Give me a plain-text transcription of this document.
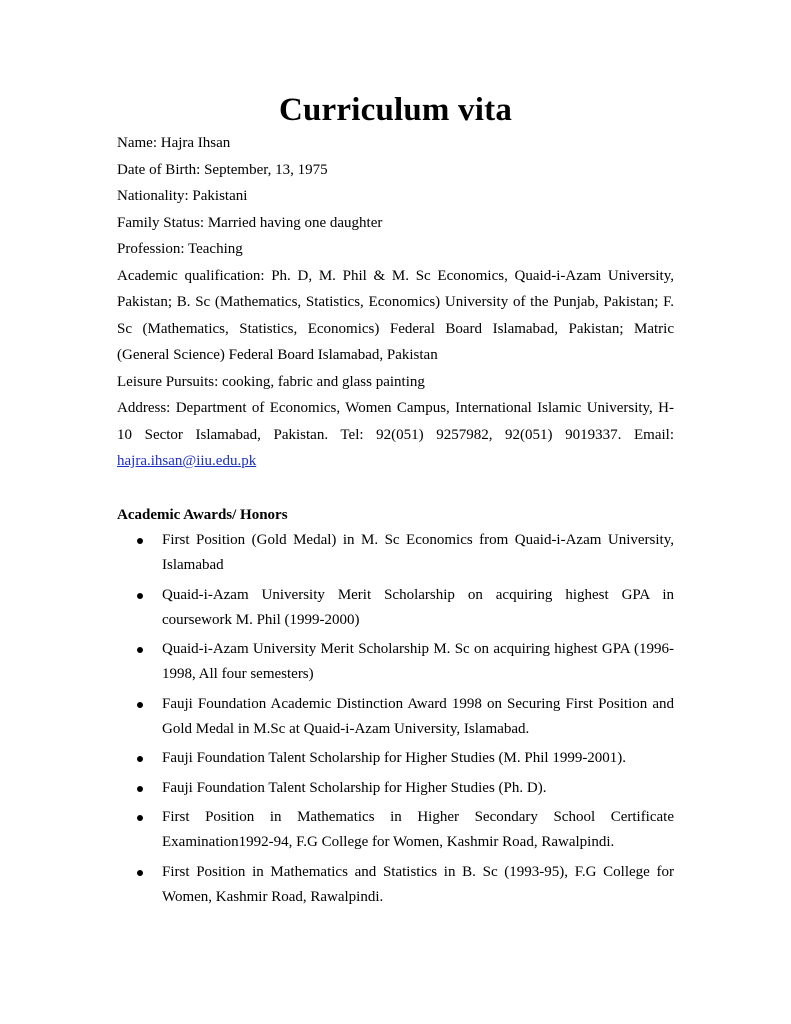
Curriculum vita

Name: Hajra Ihsan

Date of Birth: September, 13, 1975

Nationality: Pakistani

Family Status: Married having one daughter

Profession: Teaching

Academic qualification: Ph. D, M. Phil & M. Sc Economics, Quaid-i-Azam University, Pakistan; B. Sc (Mathematics, Statistics, Economics) University of the Punjab, Pakistan; F. Sc (Mathematics, Statistics, Economics) Federal Board Islamabad, Pakistan; Matric (General Science) Federal Board Islamabad, Pakistan

Leisure Pursuits: cooking, fabric and glass painting

Address: Department of Economics, Women Campus, International Islamic University, H-10 Sector Islamabad, Pakistan. Tel: 92(051) 9257982, 92(051) 9019337. Email: hajra.ihsan@iiu.edu.pk

Academic Awards/ Honors
First Position (Gold Medal) in M. Sc Economics from Quaid-i-Azam University, Islamabad
Quaid-i-Azam University Merit Scholarship on acquiring highest GPA in coursework M. Phil (1999-2000)
Quaid-i-Azam University Merit Scholarship M. Sc on acquiring highest GPA (1996-1998, All four semesters)
Fauji Foundation Academic Distinction Award 1998 on Securing First Position and Gold Medal in M.Sc at Quaid-i-Azam University, Islamabad.
Fauji Foundation Talent Scholarship for Higher Studies (M. Phil 1999-2001).
Fauji Foundation Talent Scholarship for Higher Studies (Ph. D).
First Position in Mathematics in Higher Secondary School Certificate Examination1992-94, F.G College for Women, Kashmir Road, Rawalpindi.
First Position in Mathematics and Statistics in B. Sc (1993-95), F.G College for Women, Kashmir Road, Rawalpindi.
